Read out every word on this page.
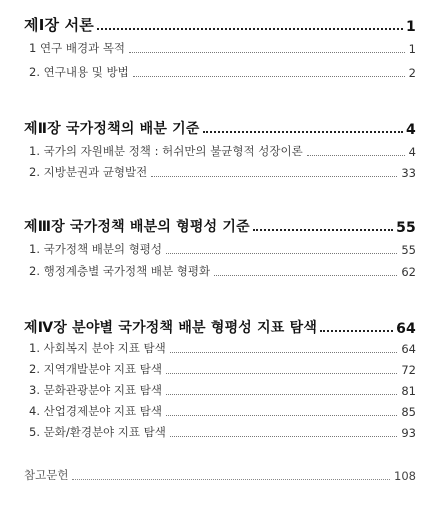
제Ⅰ장 서론	1
1 연구 배경과 목적	1
2. 연구내용 및 방법	2
제Ⅱ장 국가정책의 배분 기준	4
1. 국가의 자원배분 정책 : 허쉬만의 불균형적 성장이론	4
2. 지방분권과 균형발전	33
제Ⅲ장 국가정책 배분의 형평성 기준	55
1. 국가정책 배분의 형평성	55
2. 행정계층별 국가정책 배분 형평화	62
제Ⅳ장 분야별 국가정책 배분 형평성 지표 탐색	64
1. 사회복지 분야 지표 탐색	64
2. 지역개발분야 지표 탐색	72
3. 문화관광분야 지표 탐색	81
4. 산업경제분야 지표 탐색	85
5. 문화/환경분야 지표 탐색	93
참고문헌	108
